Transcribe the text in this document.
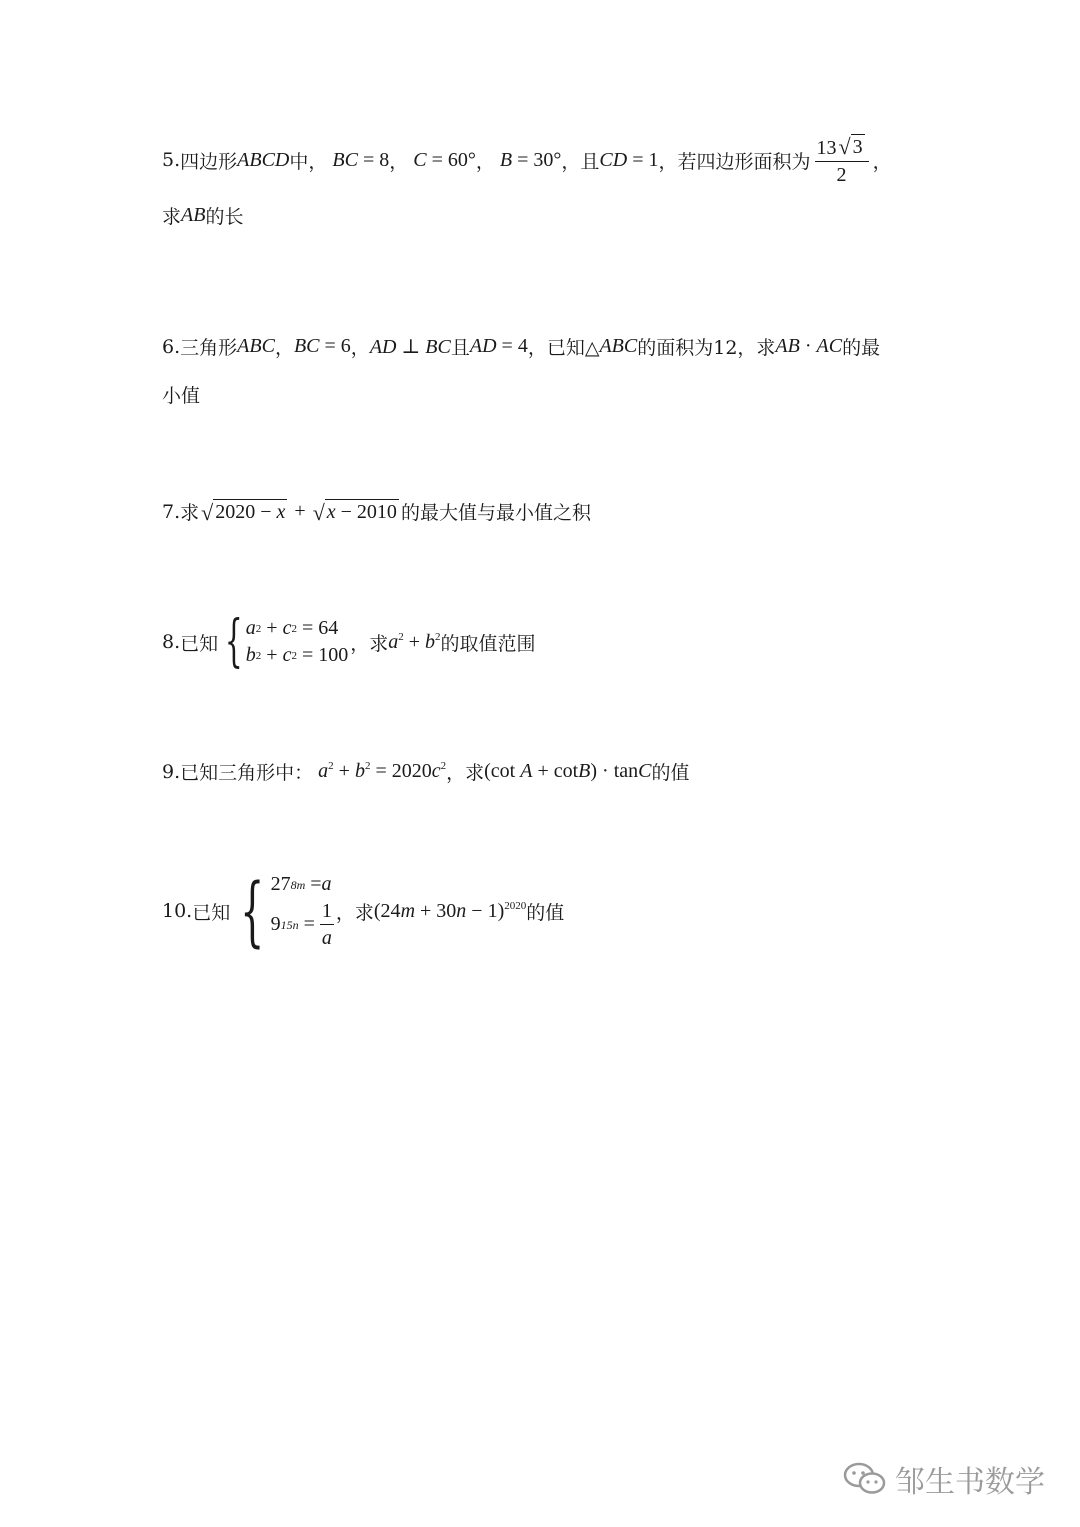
5. 四边形 ABCD 中， BC = 8 ， C = 60° ， B = 30° ，且 CD = 1 ，若四边形面积为 $\frac{13 √ 3}{2}$ ，
求 AB 的长
6. 三角形 ABC ， BC = 6 ， AD ⊥ BC 且 AD = 4 ，已知△ ABC 的面积为12，求 AB · AC 的最
小值
7. 求 √ 2020 − x + √ x − 2010 的最大值与最小值之积
8. 已知 { a 2 + c 2 = 64
b 2 + c 2 = 100
，求 $a^2 + b^2$ 的取值范围
9. 已知三角形中： $a^2 + b^2 = 2020c^2$ ，求 (cot A + cotB) · tanC 的值
10. 已知 { 27 8m = a
9 $15n = \frac{1}{a}$ ，求 $(24m + 30n - 1)^{2020}$ 的值
邹生书数学
